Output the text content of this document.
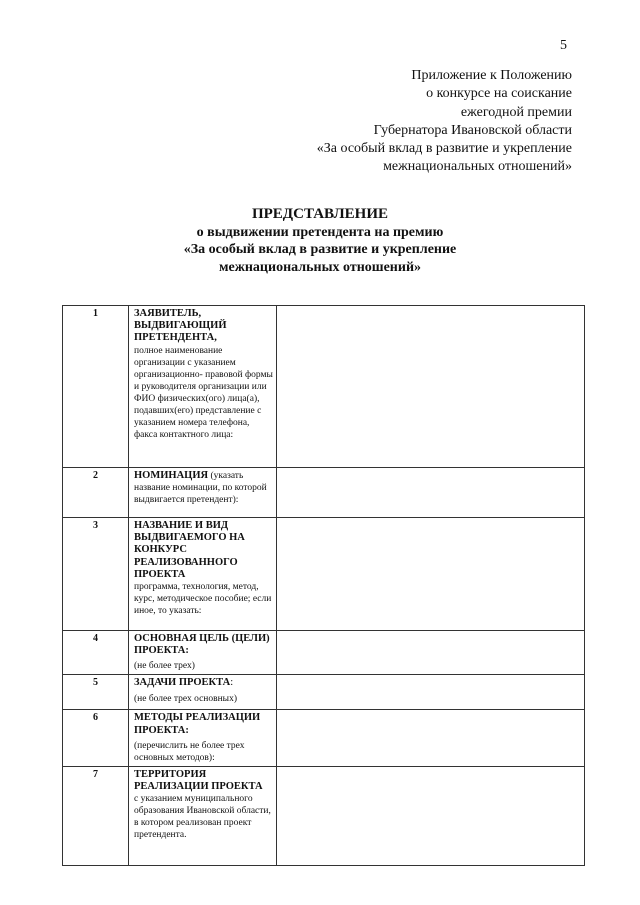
5
Приложение к Положению
о конкурсе на соискание
ежегодной премии
Губернатора Ивановской области
«За особый вклад в развитие и укрепление
межнациональных отношений»
ПРЕДСТАВЛЕНИЕ
о выдвижении претендента на премию
«За особый вклад в развитие и укрепление
межнациональных отношений»
1	ЗАЯВИТЕЛЬ, ВЫДВИГАЮЩИЙ ПРЕТЕНДЕНТА,
полное наименование организации с указанием организационно- правовой формы и руководителя организации или ФИО физических(ого) лица(а), подавших(его) представление с указанием номера телефона, факса контактного лица:	

2	НОМИНАЦИЯ (указать название номинации, по которой выдвигается претендент):	

3	НАЗВАНИЕ И ВИД ВЫДВИГАЕМОГО НА КОНКУРС РЕАЛИЗОВАННОГО ПРОЕКТА
программа, технология, метод, курс, методическое пособие; если иное, то указать:	

4	ОСНОВНАЯ ЦЕЛЬ (ЦЕЛИ) ПРОЕКТА:
(не более трех)	

5	ЗАДАЧИ ПРОЕКТА:
(не более трех основных)	

6	МЕТОДЫ РЕАЛИЗАЦИИ ПРОЕКТА:
(перечислить не более трех основных методов):	

7	ТЕРРИТОРИЯ РЕАЛИЗАЦИИ ПРОЕКТА
с указанием муниципального образования Ивановской области, в котором реализован проект претендента.	
